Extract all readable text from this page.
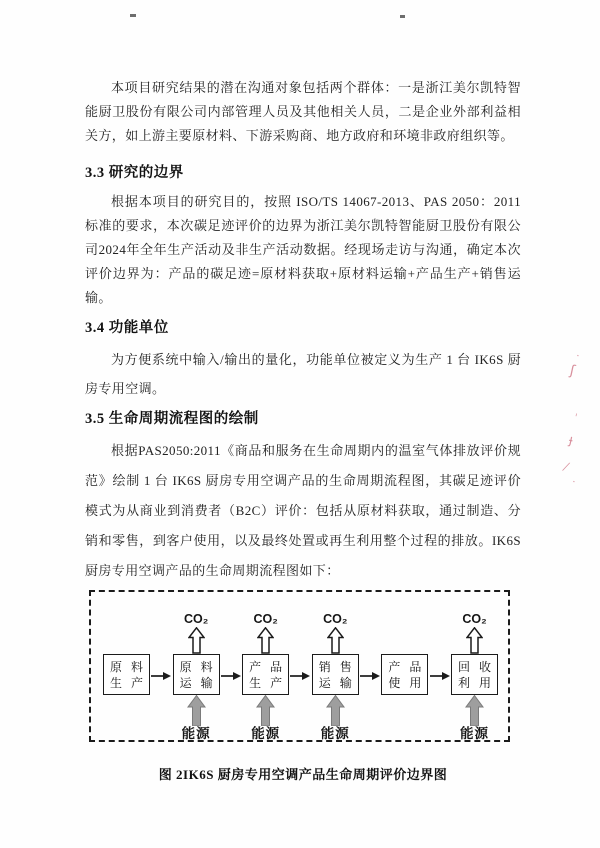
本项目研究结果的潜在沟通对象包括两个群体：一是浙江美尔凯特智能厨卫股份有限公司内部管理人员及其他相关人员，二是企业外部利益相关方，如上游主要原材料、下游采购商、地方政府和环境非政府组织等。

3.3 研究的边界

根据本项目的研究目的，按照 ISO/TS 14067-2013、PAS 2050：2011 标准的要求，本次碳足迹评价的边界为浙江美尔凯特智能厨卫股份有限公司2024年全年生产活动及非生产活动数据。经现场走访与沟通，确定本次评价边界为：产品的碳足迹=原材料获取+原材料运输+产品生产+销售运输。

3.4 功能单位

为方便系统中输入/输出的量化，功能单位被定义为生产 1 台 IK6S 厨房专用空调。

3.5 生命周期流程图的绘制

根据PAS2050:2011《商品和服务在生命周期内的温室气体排放评价规范》绘制 1 台 IK6S 厨房专用空调产品的生命周期流程图，其碳足迹评价模式为从商业到消费者（B2C）评价：包括从原材料获取，通过制造、分销和零售，到客户使用，以及最终处置或再生利用整个过程的排放。IK6S 厨房专用空调产品的生命周期流程图如下：

原 料
生 产
CO₂
原 料
运 输
能源
CO₂
产 品
生 产
能源
CO₂
销 售
运 输
能源
产 品
使 用
CO₂
回 收
利 用
能源
图 2IK6S 厨房专用空调产品生命周期评价边界图
·
ʃ
ˈ
ɟ
⁄
·
